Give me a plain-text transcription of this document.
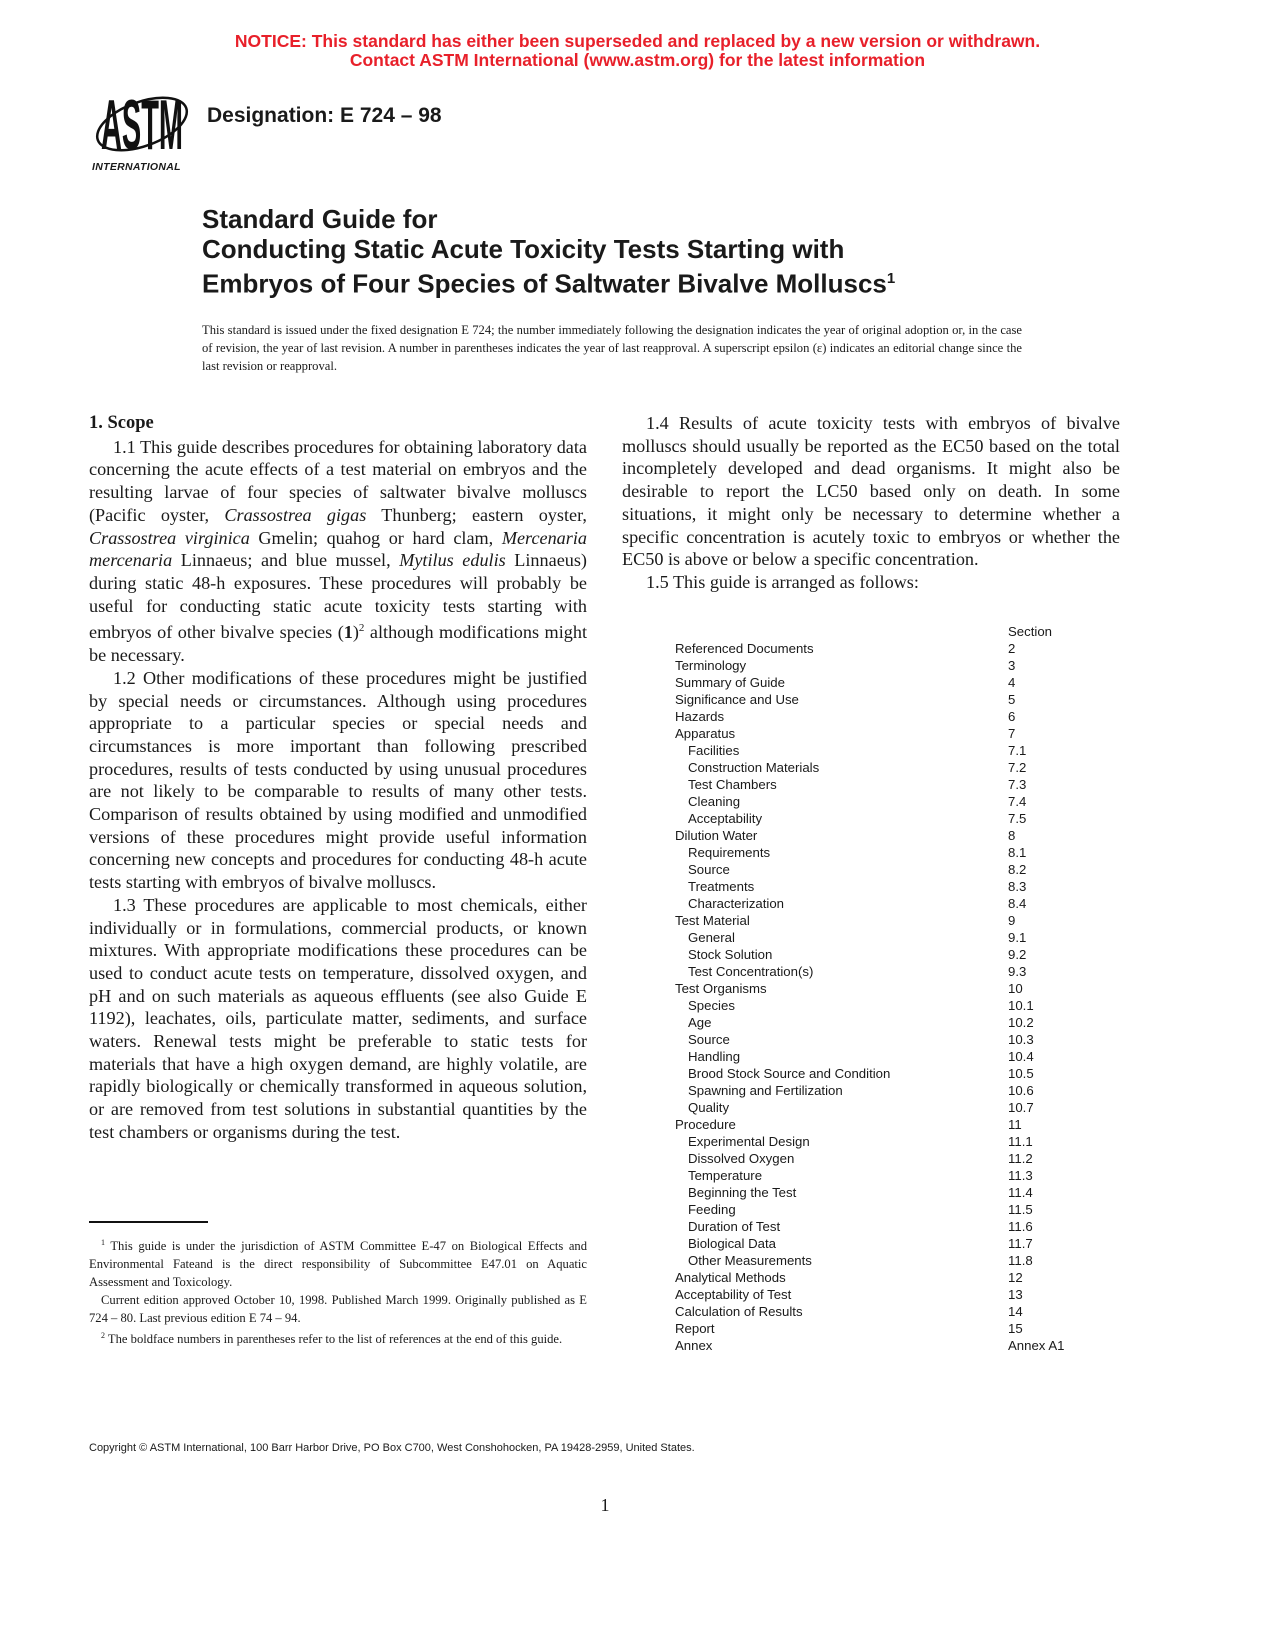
NOTICE: This standard has either been superseded and replaced by a new version or withdrawn.
Contact ASTM International (www.astm.org) for the latest information
ASTM
INTERNATIONAL
Designation: E 724 – 98
Standard Guide for
Conducting Static Acute Toxicity Tests Starting with
Embryos of Four Species of Saltwater Bivalve Molluscs$^1$
This standard is issued under the fixed designation E 724; the number immediately following the designation indicates the year of original adoption or, in the case of revision, the year of last revision. A number in parentheses indicates the year of last reapproval. A superscript epsilon (ε) indicates an editorial change since the last revision or reapproval.
1. Scope

1.1 This guide describes procedures for obtaining laboratory data concerning the acute effects of a test material on embryos and the resulting larvae of four species of saltwater bivalve molluscs (Pacific oyster, Crassostrea gigas Thunberg; eastern oyster, Crassostrea virginica Gmelin; quahog or hard clam, Mercenaria mercenaria Linnaeus; and blue mussel, Mytilus edulis Linnaeus) during static 48-h exposures. These procedures will probably be useful for conducting static acute toxicity tests starting with embryos of other bivalve species $(1)^2$ although modifications might be necessary.

1.2 Other modifications of these procedures might be justified by special needs or circumstances. Although using procedures appropriate to a particular species or special needs and circumstances is more important than following prescribed procedures, results of tests conducted by using unusual procedures are not likely to be comparable to results of many other tests. Comparison of results obtained by using modified and unmodified versions of these procedures might provide useful information concerning new concepts and procedures for conducting 48-h acute tests starting with embryos of bivalve molluscs.

1.3 These procedures are applicable to most chemicals, either individually or in formulations, commercial products, or known mixtures. With appropriate modifications these procedures can be used to conduct acute tests on temperature, dissolved oxygen, and pH and on such materials as aqueous effluents (see also Guide E 1192), leachates, oils, particulate matter, sediments, and surface waters. Renewal tests might be preferable to static tests for materials that have a high oxygen demand, are highly volatile, are rapidly biologically or chemically transformed in aqueous solution, or are removed from test solutions in substantial quantities by the test chambers or organisms during the test.

1.4 Results of acute toxicity tests with embryos of bivalve molluscs should usually be reported as the EC50 based on the total incompletely developed and dead organisms. It might also be desirable to report the LC50 based only on death. In some situations, it might only be necessary to determine whether a specific concentration is acutely toxic to embryos or whether the EC50 is above or below a specific concentration.

1.5 This guide is arranged as follows:

Section
Referenced Documents	2
Terminology	3
Summary of Guide	4
Significance and Use	5
Hazards	6
Apparatus	7
Facilities	7.1
Construction Materials	7.2
Test Chambers	7.3
Cleaning	7.4
Acceptability	7.5
Dilution Water	8
Requirements	8.1
Source	8.2
Treatments	8.3
Characterization	8.4
Test Material	9
General	9.1
Stock Solution	9.2
Test Concentration(s)	9.3
Test Organisms	10
Species	10.1
Age	10.2
Source	10.3
Handling	10.4
Brood Stock Source and Condition	10.5
Spawning and Fertilization	10.6
Quality	10.7
Procedure	11
Experimental Design	11.1
Dissolved Oxygen	11.2
Temperature	11.3
Beginning the Test	11.4
Feeding	11.5
Duration of Test	11.6
Biological Data	11.7
Other Measurements	11.8
Analytical Methods	12
Acceptability of Test	13
Calculation of Results	14
Report	15
Annex	Annex A1

$^1$ This guide is under the jurisdiction of ASTM Committee E-47 on Biological Effects and Environmental Fateand is the direct responsibility of Subcommittee E47.01 on Aquatic Assessment and Toxicology.

Current edition approved October 10, 1998. Published March 1999. Originally published as E 724 – 80. Last previous edition E 74 – 94.

$^2$ The boldface numbers in parentheses refer to the list of references at the end of this guide.

Copyright © ASTM International, 100 Barr Harbor Drive, PO Box C700, West Conshohocken, PA 19428-2959, United States.
1
